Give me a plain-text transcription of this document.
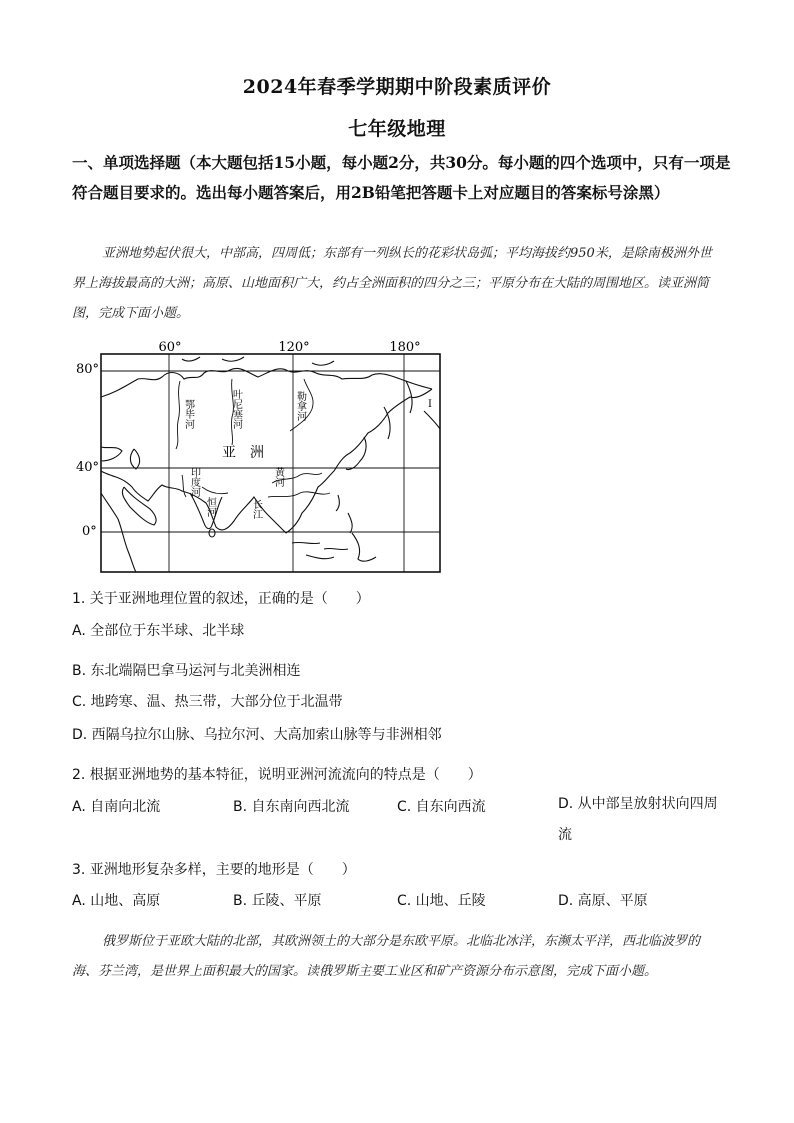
2024年春季学期期中阶段素质评价
七年级地理
一、单项选择题（本大题包括15小题，每小题2分，共30分。每小题的四个选项中，只有一项是符合题目要求的。选出每小题答案后，用2B铅笔把答题卡上对应题目的答案标号涂黑）
亚洲地势起伏很大，中部高，四周低；东部有一列纵长的花彩状岛弧；平均海拔约950米，是除南极洲外世界上海拔最高的大洲；高原、山地面积广大，约占全洲面积的四分之三；平原分布在大陆的周围地区。读亚洲简图，完成下面小题。
60°	120°	180°
80°
40°
0°
鄂毕河	叶尼塞河	勒拿河
黄河
长江
印度河
恒河
亚　洲
Ⅰ
1. 关于亚洲地理位置的叙述，正确的是（　　）
A. 全部位于东半球、北半球
B. 东北端隔巴拿马运河与北美洲相连
C. 地跨寒、温、热三带，大部分位于北温带
D. 西隔乌拉尔山脉、乌拉尔河、大高加索山脉等与非洲相邻
2. 根据亚洲地势的基本特征，说明亚洲河流流向的特点是（　　）
A. 自南向北流	B. 自东南向西北流	C. 自东向西流	D. 从中部呈放射状向四周流
3. 亚洲地形复杂多样，主要的地形是（　　）
A. 山地、高原	B. 丘陵、平原	C. 山地、丘陵	D. 高原、平原
俄罗斯位于亚欧大陆的北部，其欧洲领土的大部分是东欧平原。北临北冰洋，东濒太平洋，西北临波罗的海、芬兰湾，是世界上面积最大的国家。读俄罗斯主要工业区和矿产资源分布示意图，完成下面小题。
